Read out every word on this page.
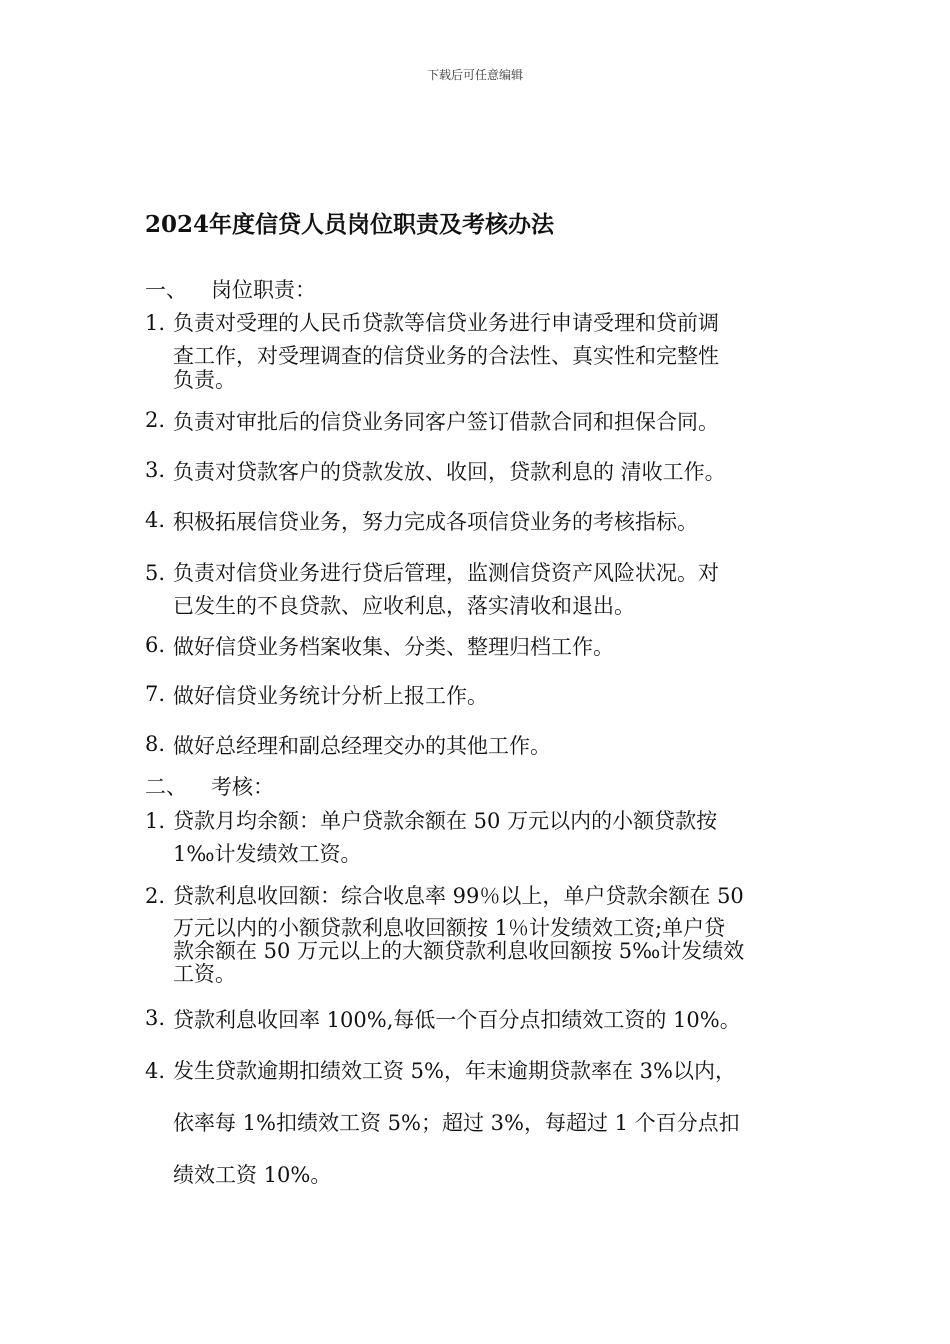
下载后可任意编辑
2024年度信贷人员岗位职责及考核办法
一、 岗位职责：
1. 负责对受理的人民币贷款等信贷业务进行申请受理和贷前调
查工作，对受理调查的信贷业务的合法性、真实性和完整性
负责。
2. 负责对审批后的信贷业务同客户签订借款合同和担保合同。
3. 负责对贷款客户的贷款发放、收回，贷款利息的 清收工作。
4. 积极拓展信贷业务，努力完成各项信贷业务的考核指标。
5. 负责对信贷业务进行贷后管理，监测信贷资产风险状况。对
已发生的不良贷款、应收利息，落实清收和退出。
6. 做好信贷业务档案收集、分类、整理归档工作。
7. 做好信贷业务统计分析上报工作。
8. 做好总经理和副总经理交办的其他工作。
二、 考核：
1. 贷款月均余额：单户贷款余额在 50 万元以内的小额贷款按
1‰计发绩效工资。
2. 贷款利息收回额：综合收息率 99％以上，单户贷款余额在 50
万元以内的小额贷款利息收回额按 1％计发绩效工资;单户贷
款余额在 50 万元以上的大额贷款利息收回额按 5‰计发绩效
工资。
3. 贷款利息收回率 100%,每低一个百分点扣绩效工资的 10%。
4. 发生贷款逾期扣绩效工资 5%，年末逾期贷款率在 3%以内，
依率每 1%扣绩效工资 5%；超过 3%，每超过 1 个百分点扣
绩效工资 10%。
